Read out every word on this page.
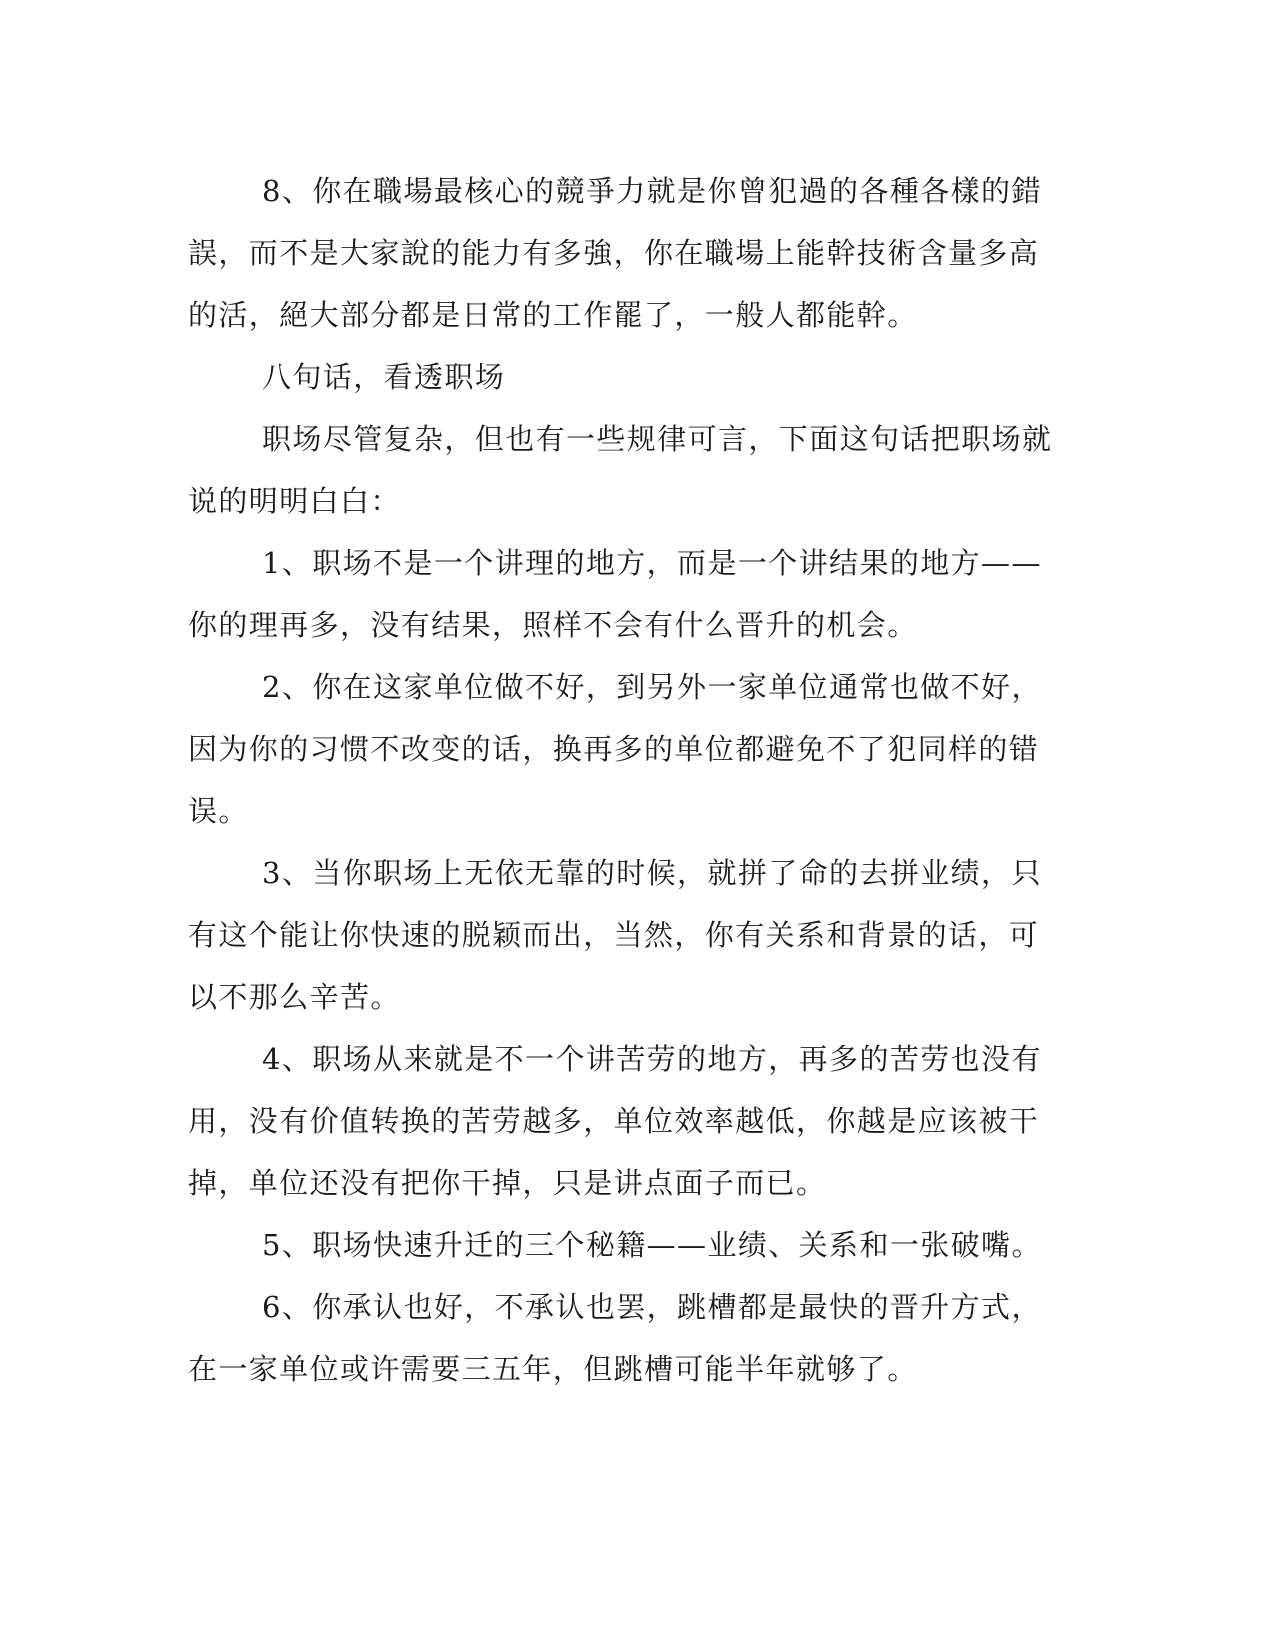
8、你在職場最核心的競爭力就是你曾犯過的各種各樣的錯誤，而不是大家說的能力有多強，你在職場上能幹技術含量多高的活，絕大部分都是日常的工作罷了，一般人都能幹。

八句话，看透职场

职场尽管复杂，但也有一些规律可言，下面这句话把职场就说的明明白白：

1、职场不是一个讲理的地方，而是一个讲结果的地方——你的理再多，没有结果，照样不会有什么晋升的机会。

2、你在这家单位做不好，到另外一家单位通常也做不好，因为你的习惯不改变的话，换再多的单位都避免不了犯同样的错误。

3、当你职场上无依无靠的时候，就拼了命的去拼业绩，只有这个能让你快速的脱颖而出，当然，你有关系和背景的话，可以不那么辛苦。

4、职场从来就是不一个讲苦劳的地方，再多的苦劳也没有用，没有价值转换的苦劳越多，单位效率越低，你越是应该被干掉，单位还没有把你干掉，只是讲点面子而已。

5、职场快速升迁的三个秘籍——业绩、关系和一张破嘴。

6、你承认也好，不承认也罢，跳槽都是最快的晋升方式，在一家单位或许需要三五年，但跳槽可能半年就够了。
